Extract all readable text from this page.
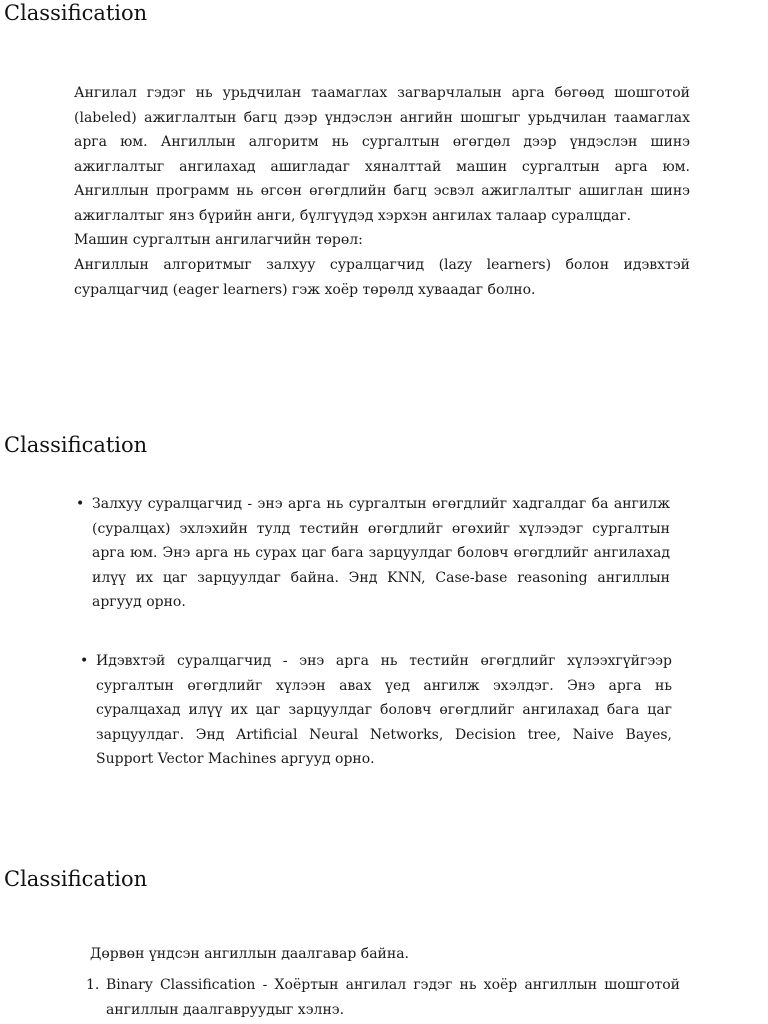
Classification

Ангилал гэдэг нь урьдчилан таамаглах загварчлалын арга бөгөөд шошготой (labeled) ажиглалтын багц дээр үндэслэн ангийн шошгыг урьдчилан таамаглах арга юм. Ангиллын алгоритм нь сургалтын өгөгдөл дээр үндэслэн шинэ ажиглалтыг ангилахад ашигладаг хяналттай машин сургалтын арга юм. Ангиллын программ нь өгсөн өгөгдлийн багц эсвэл ажиглалтыг ашиглан шинэ ажиглалтыг янз бүрийн анги, бүлгүүдэд хэрхэн ангилах талаар суралцдаг.

Машин сургалтын ангилагчийн төрөл:

Ангиллын алгоритмыг залхуу суралцагчид (lazy learners) болон идэвхтэй суралцагчид (eager learners) гэж хоёр төрөлд хуваадаг болно.

Classification
• Залхуу суралцагчид - энэ арга нь сургалтын өгөгдлийг хадгалдаг ба ангилж (суралцах) эхлэхийн тулд тестийн өгөгдлийг өгөхийг хүлээдэг сургалтын арга юм. Энэ арга нь сурах цаг бага зарцуулдаг боловч өгөгдлийг ангилахад илүү их цаг зарцуулдаг байна. Энд KNN, Case-base reasoning ангиллын аргууд орно.

• Идэвхтэй суралцагчид - энэ арга нь тестийн өгөгдлийг хүлээхгүйгээр сургалтын өгөгдлийг хүлээн авах үед ангилж эхэлдэг. Энэ арга нь суралцахад илүү их цаг зарцуулдаг боловч өгөгдлийг ангилахад бага цаг зарцуулдаг. Энд Artificial Neural Networks, Decision tree, Naive Bayes, Support Vector Machines аргууд орно.

Classification

Дөрвөн үндсэн ангиллын даалгавар байна.

1. Binary Classification - Хоёртын ангилал гэдэг нь хоёр ангиллын шошготой ангиллын даалгавруудыг хэлнэ.
